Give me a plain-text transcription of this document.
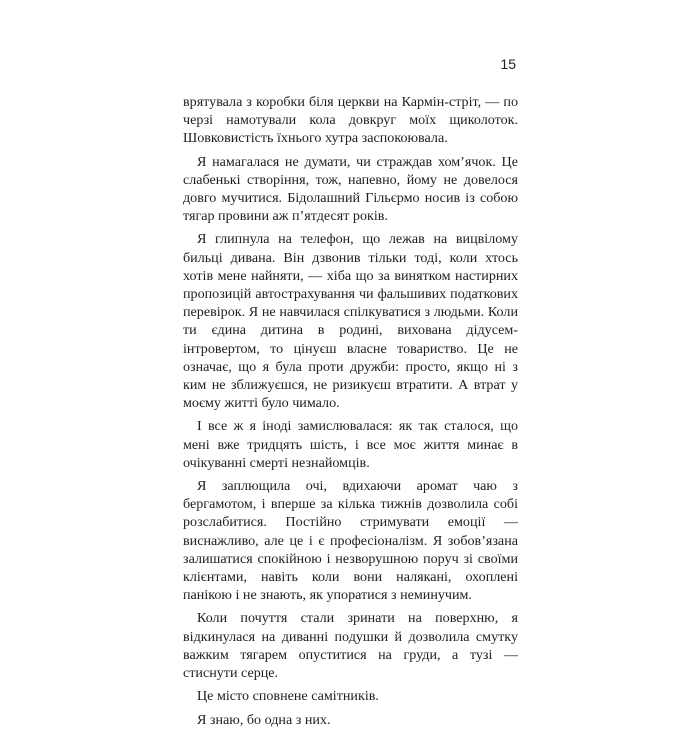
15

врятувала з коробки біля церкви на Кармін-стріт, — по черзі намотували кола довкруг моїх щиколоток. Шовковистість їхнього хутра заспокоювала.

Я намагалася не думати, чи страждав хом’ячок. Це слабенькі створіння, тож, напевно, йому не довелося довго мучитися. Бідолашний Гільєрмо носив із собою тягар провини аж п’ятдесят років.

Я глипнула на телефон, що лежав на вицвілому бильці дивана. Він дзвонив тільки тоді, коли хтось хотів мене найняти, — хіба що за винятком настирних пропозицій автострахування чи фальшивих податкових перевірок. Я не навчилася спілкуватися з людьми. Коли ти єдина дитина в родині, вихована дідусем-інтровертом, то цінуєш власне товариство. Це не означає, що я була проти дружби: просто, якщо ні з ким не зближуєшся, не ризикуєш втратити. А втрат у моєму житті було чимало.

І все ж я іноді замислювалася: як так сталося, що мені вже тридцять шість, і все моє життя минає в очікуванні смерті незнайомців.

Я заплющила очі, вдихаючи аромат чаю з бергамотом, і вперше за кілька тижнів дозволила собі розслабитися. Постійно стримувати емоції — виснажливо, але це і є професіоналізм. Я зобов’язана залишатися спокійною і незворушною поруч зі своїми клієнтами, навіть коли вони налякані, охоплені панікою і не знають, як упоратися з неминучим.

Коли почуття стали зринати на поверхню, я відкинулася на диванні подушки й дозволила смутку важким тягарем опуститися на груди, а тузі — стиснути серце.

Це місто сповнене самітників.

Я знаю, бо одна з них.
